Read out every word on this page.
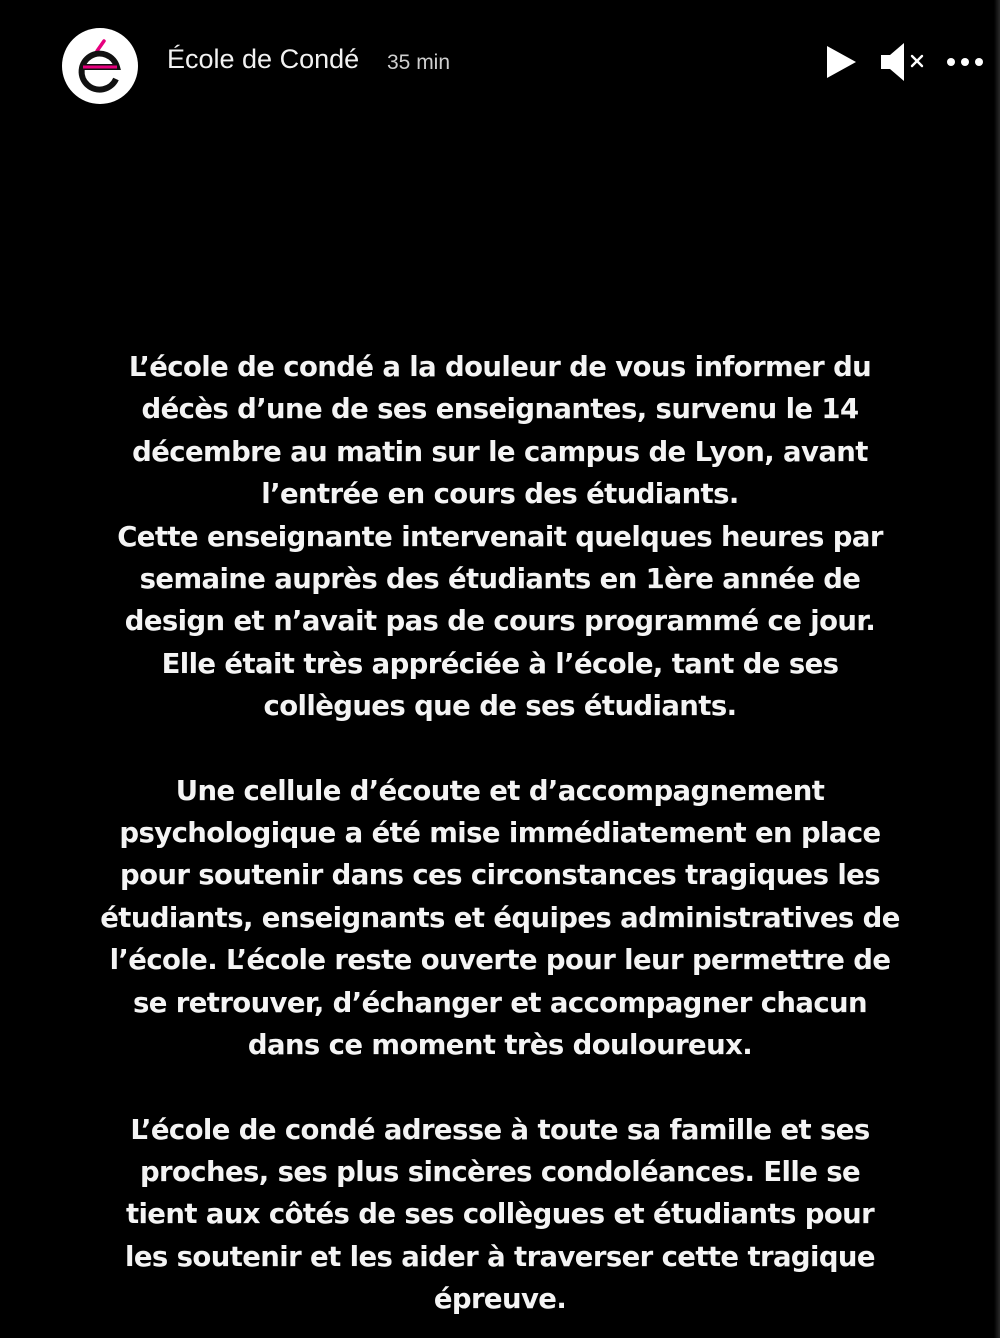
École de Condé 35 min

L’école de condé a la douleur de vous informer du
décès d’une de ses enseignantes, survenu le 14
décembre au matin sur le campus de Lyon, avant
l’entrée en cours des étudiants.
Cette enseignante intervenait quelques heures par
semaine auprès des étudiants en 1ère année de
design et n’avait pas de cours programmé ce jour.
Elle était très appréciée à l’école, tant de ses
collègues que de ses étudiants.

Une cellule d’écoute et d’accompagnement
psychologique a été mise immédiatement en place
pour soutenir dans ces circonstances tragiques les
étudiants, enseignants et équipes administratives de
l’école. L’école reste ouverte pour leur permettre de
se retrouver, d’échanger et accompagner chacun
dans ce moment très douloureux.

L’école de condé adresse à toute sa famille et ses
proches, ses plus sincères condoléances. Elle se
tient aux côtés de ses collègues et étudiants pour
les soutenir et les aider à traverser cette tragique
épreuve.
